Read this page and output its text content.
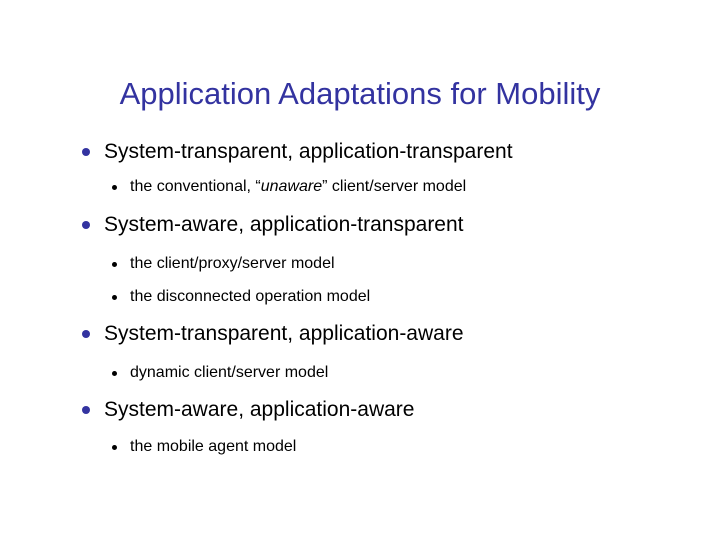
Application Adaptations for Mobility
System-transparent, application-transparent
the conventional, “unaware” client/server model
System-aware, application-transparent
the client/proxy/server model
the disconnected operation model
System-transparent, application-aware
dynamic client/server model
System-aware, application-aware
the mobile agent model
